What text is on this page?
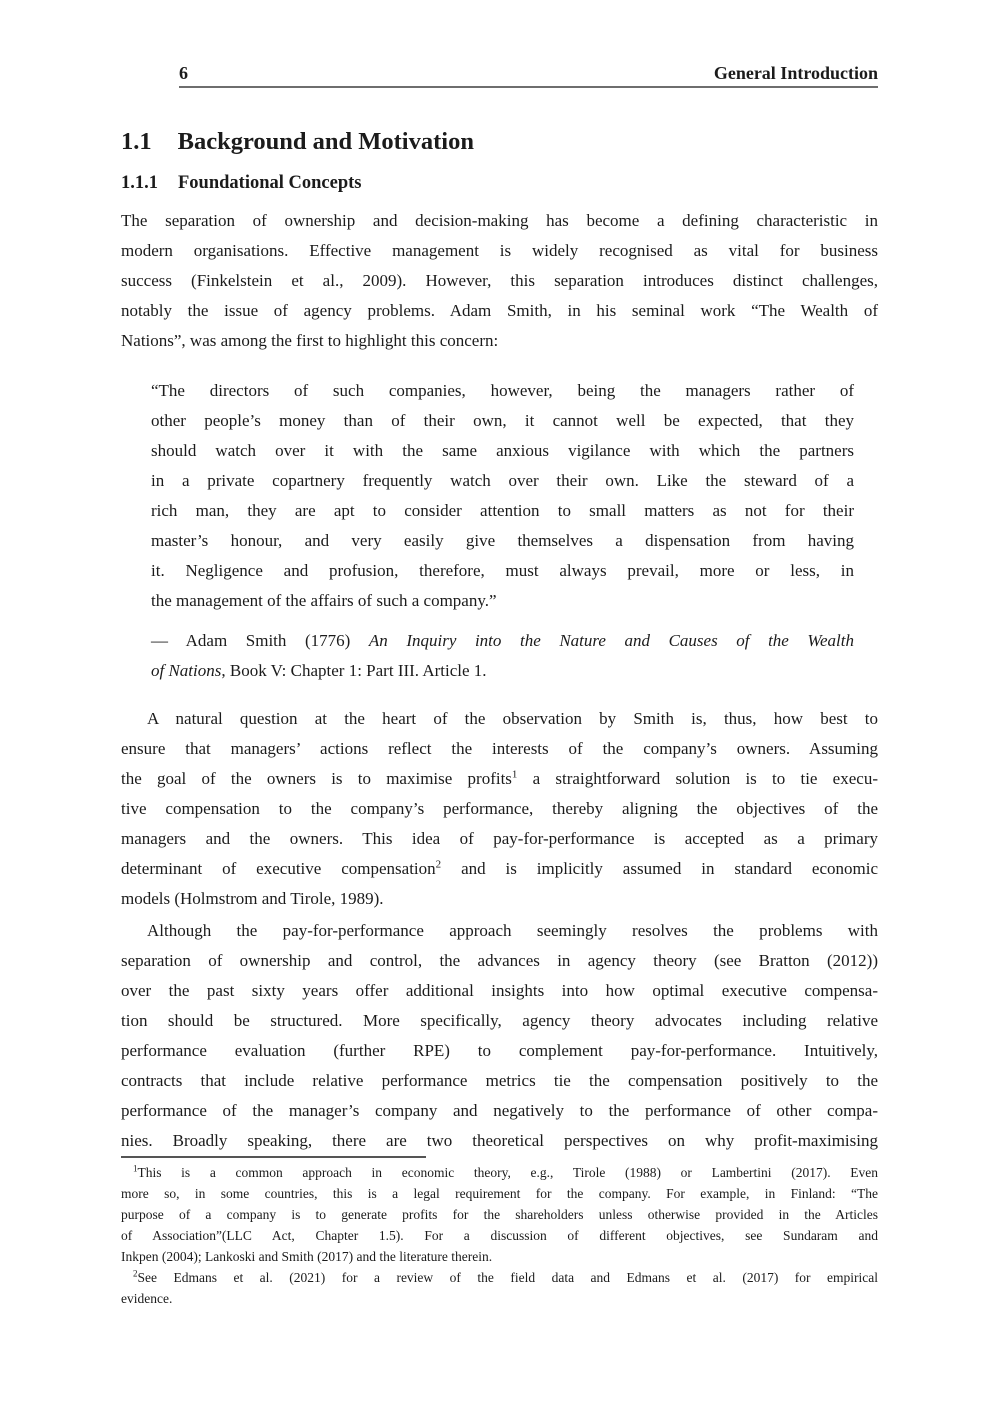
6	General Introduction
1.1 Background and Motivation
1.1.1 Foundational Concepts
The separation of ownership and decision-making has become a defining characteristic in
modern organisations. Effective management is widely recognised as vital for business
success (Finkelstein et al., 2009). However, this separation introduces distinct challenges,
notably the issue of agency problems. Adam Smith, in his seminal work “The Wealth of
Nations”, was among the first to highlight this concern:
“The directors of such companies, however, being the managers rather of
other people’s money than of their own, it cannot well be expected, that they
should watch over it with the same anxious vigilance with which the partners
in a private copartnery frequently watch over their own. Like the steward of a
rich man, they are apt to consider attention to small matters as not for their
master’s honour, and very easily give themselves a dispensation from having
it. Negligence and profusion, therefore, must always prevail, more or less, in
the management of the affairs of such a company.”
— Adam Smith (1776) An Inquiry into the Nature and Causes of the Wealth
of Nations, Book V: Chapter 1: Part III. Article 1.
A natural question at the heart of the observation by Smith is, thus, how best to
ensure that managers’ actions reflect the interests of the company’s owners. Assuming
the goal of the owners is to maximise profits$^1$ a straightforward solution is to tie execu-
tive compensation to the company’s performance, thereby aligning the objectives of the
managers and the owners. This idea of pay-for-performance is accepted as a primary
determinant of executive compensation$^2$ and is implicitly assumed in standard economic
models (Holmstrom and Tirole, 1989).
Although the pay-for-performance approach seemingly resolves the problems with
separation of ownership and control, the advances in agency theory (see Bratton (2012))
over the past sixty years offer additional insights into how optimal executive compensa-
tion should be structured. More specifically, agency theory advocates including relative
performance evaluation (further RPE) to complement pay-for-performance. Intuitively,
contracts that include relative performance metrics tie the compensation positively to the
performance of the manager’s company and negatively to the performance of other compa-
nies. Broadly speaking, there are two theoretical perspectives on why profit-maximising
$^1$This is a common approach in economic theory, e.g., Tirole (1988) or Lambertini (2017). Even
more so, in some countries, this is a legal requirement for the company. For example, in Finland: “The
purpose of a company is to generate profits for the shareholders unless otherwise provided in the Articles
of Association”(LLC Act, Chapter 1.5). For a discussion of different objectives, see Sundaram and
Inkpen (2004); Lankoski and Smith (2017) and the literature therein.
$^2$See Edmans et al. (2021) for a review of the field data and Edmans et al. (2017) for empirical
evidence.
